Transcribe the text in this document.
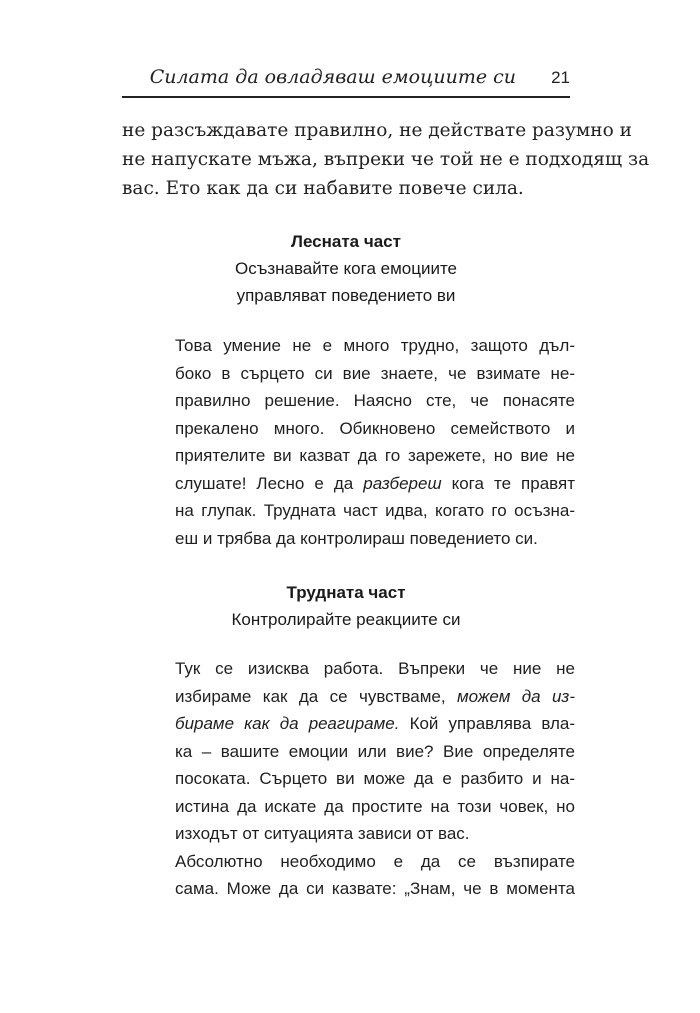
Силата да овладяваш емоциите си 21
не разсъждавате правилно, не действате разумно и
не напускате мъжа, въпреки че той не е подходящ за
вас. Ето как да си набавите повече сила.
Лесната част
Осъзнавайте кога емоциите
управляват поведението ви
Това умение не е много трудно, защото дъл-
боко в сърцето си вие знаете, че взимате не-
правилно решение. Наясно сте, че понасяте
прекалено много. Обикновено семейството и
приятелите ви казват да го зарежете, но вие не
слушате! Лесно е да разбереш кога те правят
на глупак. Трудната част идва, когато го осъзна-
еш и трябва да контролираш поведението си.
Трудната част
Контролирайте реакциите си
Тук се изисква работа. Въпреки че ние не
избираме как да се чувстваме, можем да из-
бираме как да реагираме. Кой управлява вла-
ка – вашите емоции или вие? Вие определяте
посоката. Сърцето ви може да е разбито и на-
истина да искате да простите на този човек, но
изходът от ситуацията зависи от вас.
Абсолютно необходимо е да се възпирате
сама. Може да си казвате: „Знам, че в момента
